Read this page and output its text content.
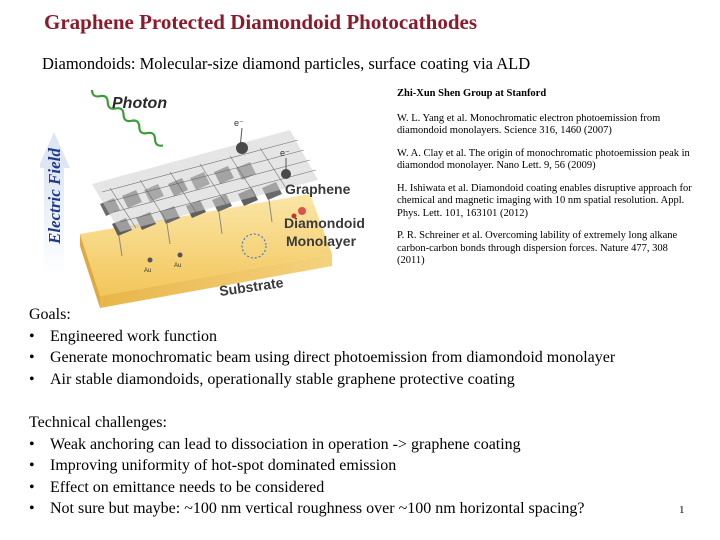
Graphene Protected Diamondoid Photocathodes
Diamondoids: Molecular-size diamond particles, surface coating via ALD
Electric Field
Au
Au
Photon
e⁻
e⁻
Graphene
Diamondoid
Monolayer
Substrate
Zhi-Xun Shen Group at Stanford
W. L. Yang et al. Monochromatic electron photoemission from diamondoid monolayers. Science 316, 1460 (2007)
W. A. Clay et al. The origin of monochromatic photoemission peak in diamondod monolayer. Nano Lett. 9, 56 (2009)
H. Ishiwata et al. Diamondoid coating enables disruptive approach for chemical and magnetic imaging with 10 nm spatial resolution. Appl. Phys. Lett. 101, 163101 (2012)
P. R. Schreiner et al. Overcoming lability of extremely long alkane carbon-carbon bonds through dispersion forces. Nature 477, 308 (2011)
Goals:
• Engineered work function
• Generate monochromatic beam using direct photoemission from diamondoid monolayer
• Air stable diamondoids, operationally stable graphene protective coating
Technical challenges:
• Weak anchoring can lead to dissociation in operation -> graphene coating
• Improving uniformity of hot-spot dominated emission
• Effect on emittance needs to be considered
• Not sure but maybe: ~100 nm vertical roughness over ~100 nm horizontal spacing?	1
